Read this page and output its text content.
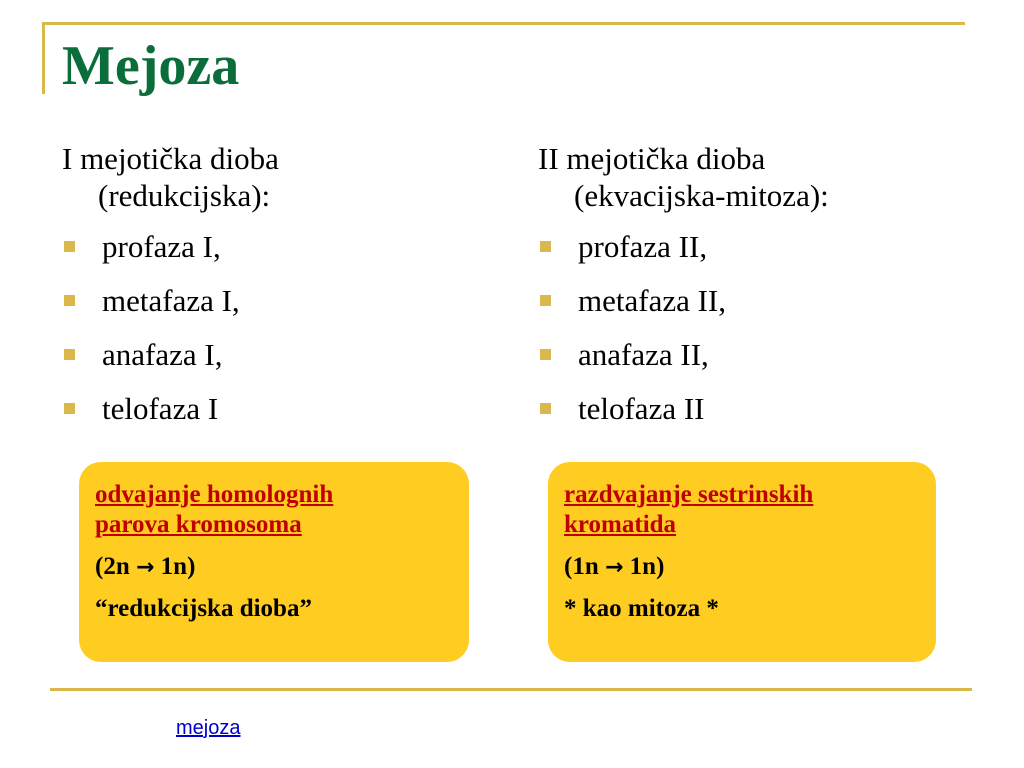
Mejoza
I mejotička dioba
(redukcijska):
profaza I,
metafaza I,
anafaza I,
telofaza I
II mejotička dioba
(ekvacijska-mitoza):
profaza II,
metafaza II,
anafaza II,
telofaza II

odvajanje homolognih
parova kromosoma

(2n → 1n)

“redukcijska dioba”

razdvajanje sestrinskih
kromatida

(1n → 1n)

* kao mitoza *

mejoza
